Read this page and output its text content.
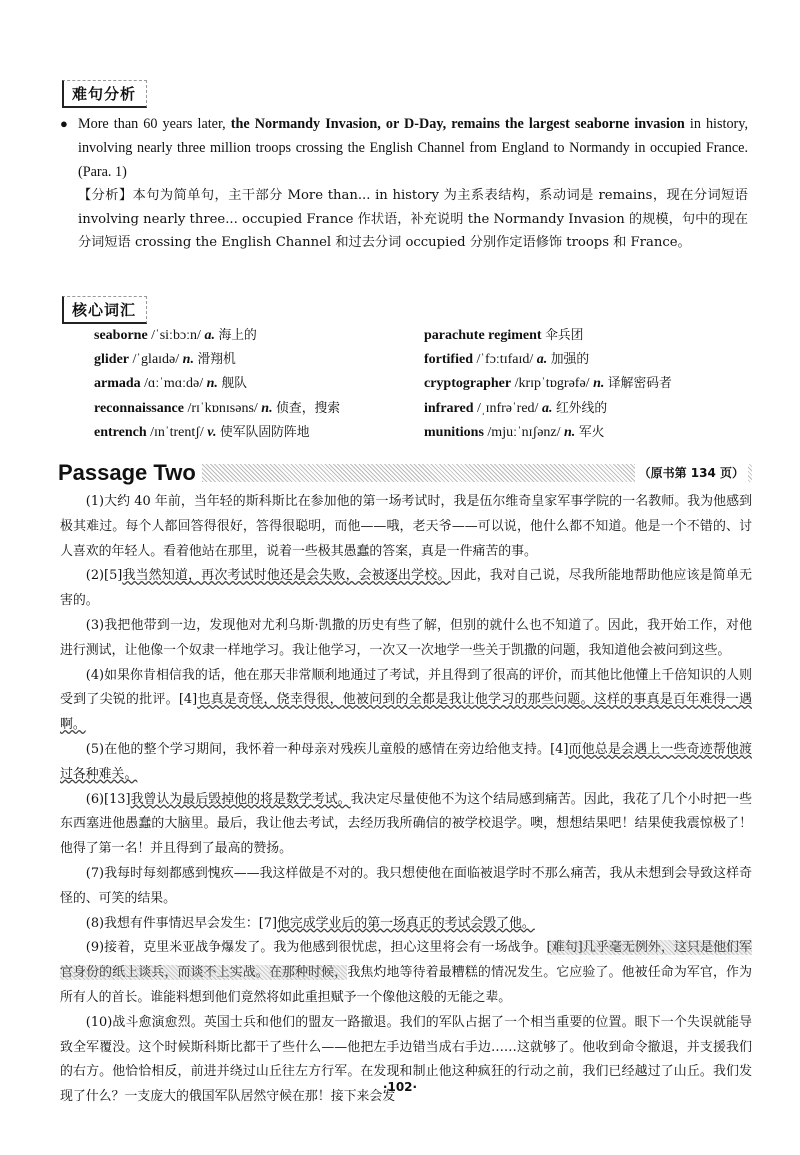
难句分析
● More than 60 years later, the Normandy Invasion, or D-Day, remains the largest seaborne invasion in history, involving nearly three million troops crossing the English Channel from England to Normandy in occupied France. (Para. 1)
【分析】本句为简单句，主干部分 More than... in history 为主系表结构，系动词是 remains，现在分词短语 involving nearly three... occupied France 作状语，补充说明 the Normandy Invasion 的规模，句中的现在分词短语 crossing the English Channel 和过去分词 occupied 分别作定语修饰 troops 和 France。
核心词汇
seaborne /ˈsiːbɔːn/ a. 海上的	parachute regiment 伞兵团
glider /ˈglaɪdə/ n. 滑翔机	fortified /ˈfɔːtɪfaɪd/ a. 加强的
armada /ɑːˈmɑːdə/ n. 舰队	cryptographer /krɪpˈtɒgrəfə/ n. 译解密码者
reconnaissance /rɪˈkɒnɪsəns/ n. 侦查，搜索	infrared /ˌɪnfrəˈred/ a. 红外线的
entrench /ɪnˈtrentʃ/ v. 使军队固防阵地	munitions /mjuːˈnɪʃənz/ n. 军火
Passage Two	（原书第 134 页）

(1)大约 40 年前，当年轻的斯科斯比在参加他的第一场考试时，我是伍尔维奇皇家军事学院的一名教师。我为他感到极其难过。每个人都回答得很好，答得很聪明，而他——哦，老天爷——可以说，他什么都不知道。他是一个不错的、讨人喜欢的年轻人。看着他站在那里，说着一些极其愚蠢的答案，真是一件痛苦的事。

(2)[5]我当然知道，再次考试时他还是会失败，会被逐出学校。因此，我对自己说，尽我所能地帮助他应该是简单无害的。

(3)我把他带到一边，发现他对尤利乌斯·凯撒的历史有些了解，但别的就什么也不知道了。因此，我开始工作，对他进行测试，让他像一个奴隶一样地学习。我让他学习，一次又一次地学一些关于凯撒的问题，我知道他会被问到这些。

(4)如果你肯相信我的话，他在那天非常顺利地通过了考试，并且得到了很高的评价，而其他比他懂上千倍知识的人则受到了尖锐的批评。[4]也真是奇怪，侥幸得很，他被问到的全都是我让他学习的那些问题。这样的事真是百年难得一遇啊。

(5)在他的整个学习期间，我怀着一种母亲对残疾儿童般的感情在旁边给他支持。[4]而他总是会遇上一些奇迹帮他渡过各种难关。

(6)[13]我曾认为最后毁掉他的将是数学考试。我决定尽量使他不为这个结局感到痛苦。因此，我花了几个小时把一些东西塞进他愚蠢的大脑里。最后，我让他去考试，去经历我所确信的被学校退学。噢，想想结果吧！结果使我震惊极了！他得了第一名！并且得到了最高的赞扬。

(7)我每时每刻都感到愧疚——我这样做是不对的。我只想使他在面临被退学时不那么痛苦，我从未想到会导致这样奇怪的、可笑的结果。

(8)我想有件事情迟早会发生：[7]他完成学业后的第一场真正的考试会毁了他。

(9)接着，克里米亚战争爆发了。我为他感到很忧虑，担心这里将会有一场战争。[难句]几乎毫无例外，这只是他们军官身份的纸上谈兵，而谈不上实战。在那种时候，我焦灼地等待着最糟糕的情况发生。它应验了。他被任命为军官，作为所有人的首长。谁能料想到他们竟然将如此重担赋予一个像他这般的无能之辈。

(10)战斗愈演愈烈。英国士兵和他们的盟友一路撤退。我们的军队占据了一个相当重要的位置。眼下一个失误就能导致全军覆没。这个时候斯科斯比都干了些什么——他把左手边错当成右手边……这就够了。他收到命令撤退，并支援我们的右方。他恰恰相反，前进并绕过山丘往左方行军。在发现和制止他这种疯狂的行动之前，我们已经越过了山丘。我们发现了什么？一支庞大的俄国军队居然守候在那！接下来会发

·102·
